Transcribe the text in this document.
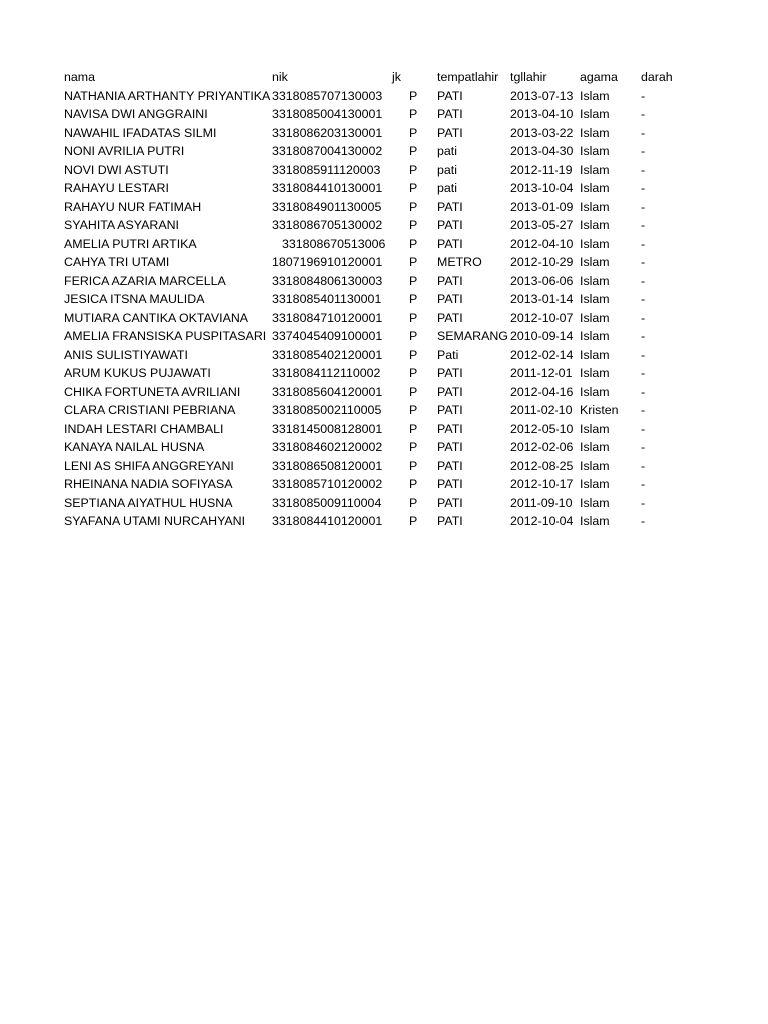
nama	nik	jk	tempatlahir	tgllahir	agama	darah
NATHANIA ARTHANTY PRIYANTIKA	3318085707130003	P	PATI	2013-07-13	Islam	-
NAVISA DWI ANGGRAINI	3318085004130001	P	PATI	2013-04-10	Islam	-
NAWAHIL IFADATAS SILMI	3318086203130001	P	PATI	2013-03-22	Islam	-
NONI AVRILIA PUTRI	3318087004130002	P	pati	2013-04-30	Islam	-
NOVI DWI ASTUTI	3318085911120003	P	pati	2012-11-19	Islam	-
RAHAYU LESTARI	3318084410130001	P	pati	2013-10-04	Islam	-
RAHAYU NUR FATIMAH	3318084901130005	P	PATI	2013-01-09	Islam	-
SYAHITA ASYARANI	3318086705130002	P	PATI	2013-05-27	Islam	-
AMELIA PUTRI ARTIKA	331808670513006	P	PATI	2012-04-10	Islam	-
CAHYA TRI UTAMI	1807196910120001	P	METRO	2012-10-29	Islam	-
FERICA AZARIA MARCELLA	3318084806130003	P	PATI	2013-06-06	Islam	-
JESICA ITSNA MAULIDA	3318085401130001	P	PATI	2013-01-14	Islam	-
MUTIARA CANTIKA OKTAVIANA	3318084710120001	P	PATI	2012-10-07	Islam	-
AMELIA FRANSISKA PUSPITASARI	3374045409100001	P	SEMARANG	2010-09-14	Islam	-
ANIS SULISTIYAWATI	3318085402120001	P	Pati	2012-02-14	Islam	-
ARUM KUKUS PUJAWATI	3318084112110002	P	PATI	2011-12-01	Islam	-
CHIKA FORTUNETA AVRILIANI	3318085604120001	P	PATI	2012-04-16	Islam	-
CLARA CRISTIANI PEBRIANA	3318085002110005	P	PATI	2011-02-10	Kristen	-
INDAH LESTARI CHAMBALI	3318145008128001	P	PATI	2012-05-10	Islam	-
KANAYA NAILAL HUSNA	3318084602120002	P	PATI	2012-02-06	Islam	-
LENI AS SHIFA ANGGREYANI	3318086508120001	P	PATI	2012-08-25	Islam	-
RHEINANA NADIA SOFIYASA	3318085710120002	P	PATI	2012-10-17	Islam	-
SEPTIANA AIYATHUL HUSNA	3318085009110004	P	PATI	2011-09-10	Islam	-
SYAFANA UTAMI NURCAHYANI	3318084410120001	P	PATI	2012-10-04	Islam	-
